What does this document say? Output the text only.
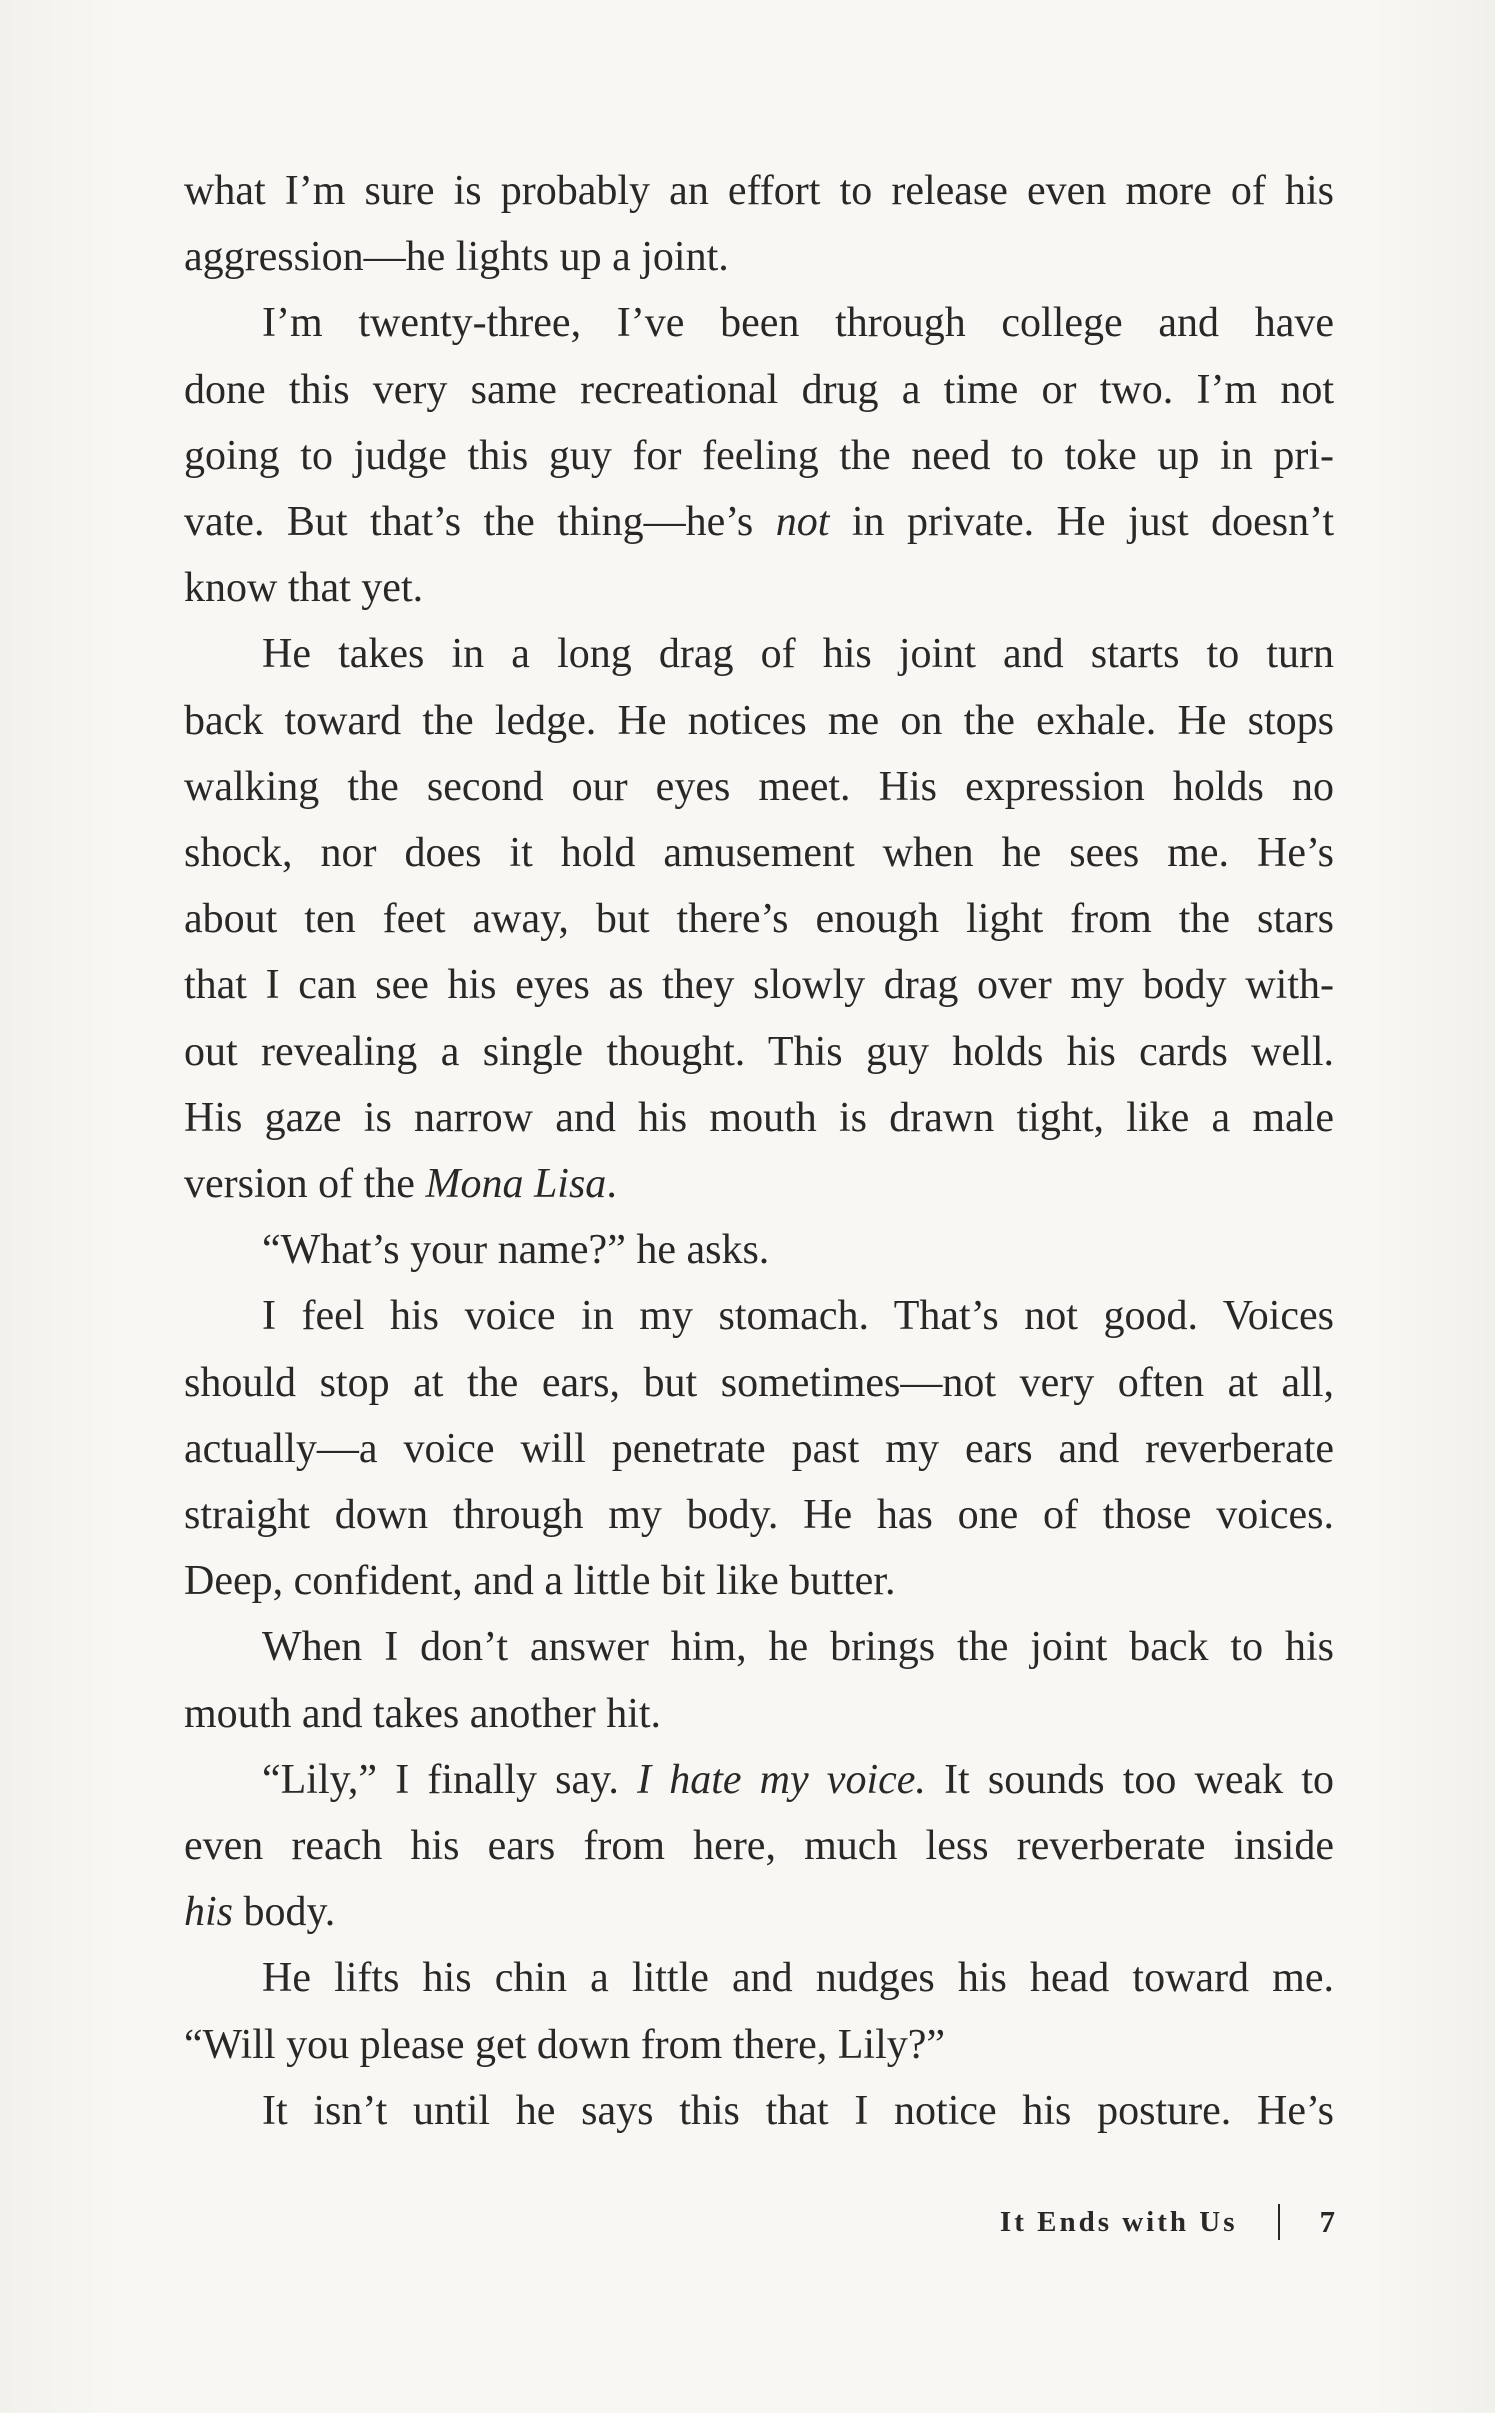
what I’m sure is probably an effort to release even more of his
aggression—he lights up a joint.

I’m twenty-three, I’ve been through college and have
done this very same recreational drug a time or two. I’m not
going to judge this guy for feeling the need to toke up in pri-
vate. But that’s the thing—he’s not in private. He just doesn’t
know that yet.

He takes in a long drag of his joint and starts to turn
back toward the ledge. He notices me on the exhale. He stops
walking the second our eyes meet. His expression holds no
shock, nor does it hold amusement when he sees me. He’s
about ten feet away, but there’s enough light from the stars
that I can see his eyes as they slowly drag over my body with-
out revealing a single thought. This guy holds his cards well.
His gaze is narrow and his mouth is drawn tight, like a male
version of the Mona Lisa.

“What’s your name?” he asks.

I feel his voice in my stomach. That’s not good. Voices
should stop at the ears, but sometimes—not very often at all,
actually—a voice will penetrate past my ears and reverberate
straight down through my body. He has one of those voices.
Deep, confident, and a little bit like butter.

When I don’t answer him, he brings the joint back to his
mouth and takes another hit.

“Lily,” I finally say. I hate my voice. It sounds too weak to
even reach his ears from here, much less reverberate inside
his body.

He lifts his chin a little and nudges his head toward me.
“Will you please get down from there, Lily?”

It isn’t until he says this that I notice his posture. He’s

It Ends with Us	7
